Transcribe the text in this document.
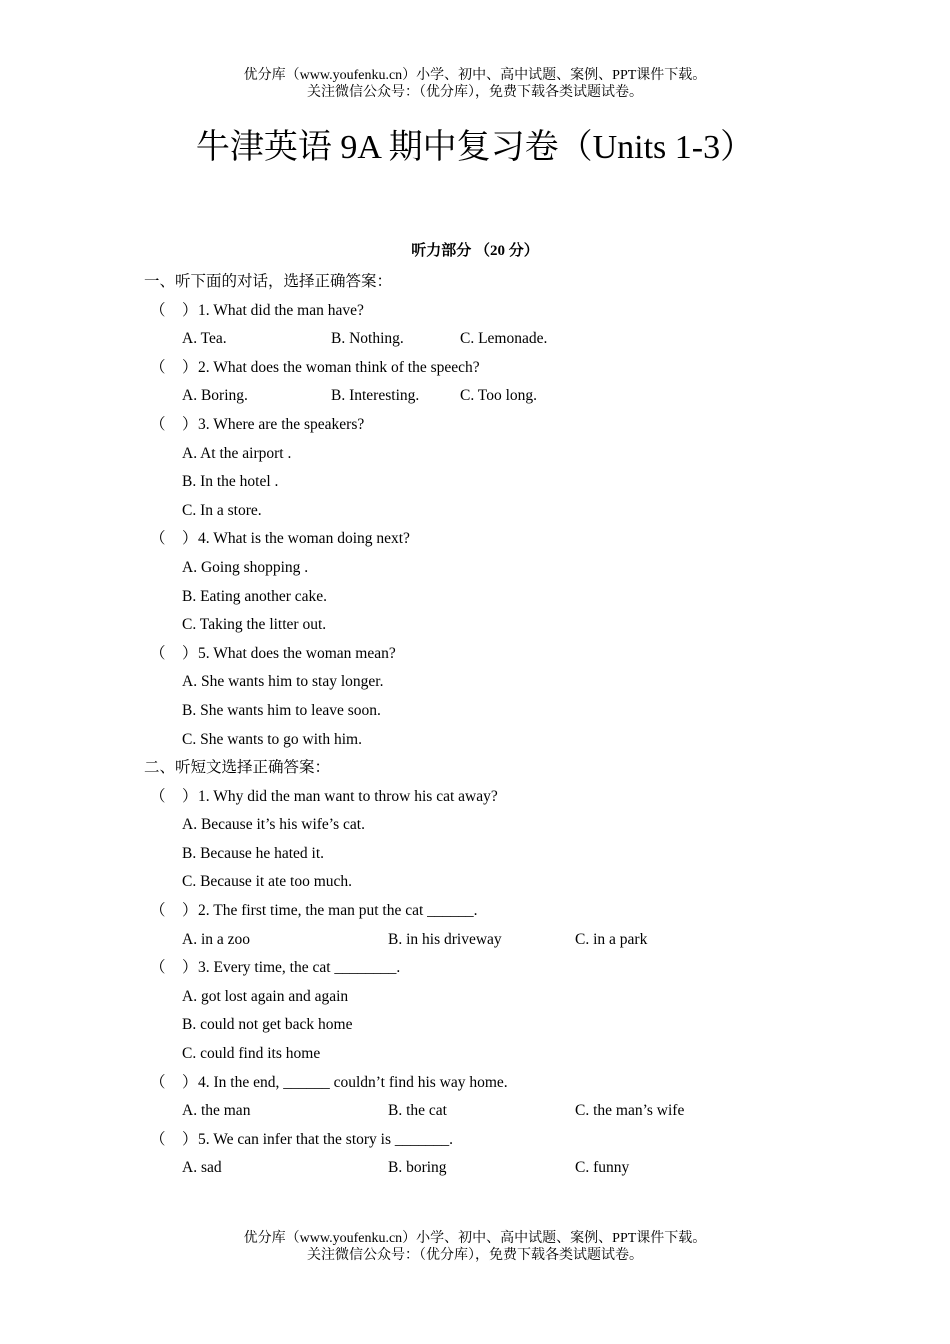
优分库（www.youfenku.cn）小学、初中、高中试题、案例、PPT课件下载。
关注微信公众号：（优分库），免费下载各类试题试卷。
牛津英语 9A 期中复习卷（Units 1-3）
听力部分 （20 分）
一、听下面的对话，选择正确答案：
（ ）1. What did the man have?
A. Tea.	B. Nothing.	C. Lemonade.
（ ）2. What does the woman think of the speech?
A. Boring.	B. Interesting.	C. Too long.
（ ）3. Where are the speakers?
A. At the airport .
B. In the hotel .
C. In a store.
（ ）4. What is the woman doing next?
A. Going shopping .
B. Eating another cake.
C. Taking the litter out.
（ ）5. What does the woman mean?
A. She wants him to stay longer.
B. She wants him to leave soon.
C. She wants to go with him.
二、听短文选择正确答案：
（ ）1. Why did the man want to throw his cat away?
A. Because it’s his wife’s cat.
B. Because he hated it.
C. Because it ate too much.
（ ）2. The first time, the man put the cat ______.
A. in a zoo	B. in his driveway	C. in a park
（ ）3. Every time, the cat ________.
A. got lost again and again
B. could not get back home
C. could find its home
（ ）4. In the end, ______ couldn’t find his way home.
A. the man	B. the cat	C. the man’s wife
（ ）5. We can infer that the story is _______.
A. sad	B. boring	C. funny
优分库（www.youfenku.cn）小学、初中、高中试题、案例、PPT课件下载。
关注微信公众号：（优分库），免费下载各类试题试卷。
